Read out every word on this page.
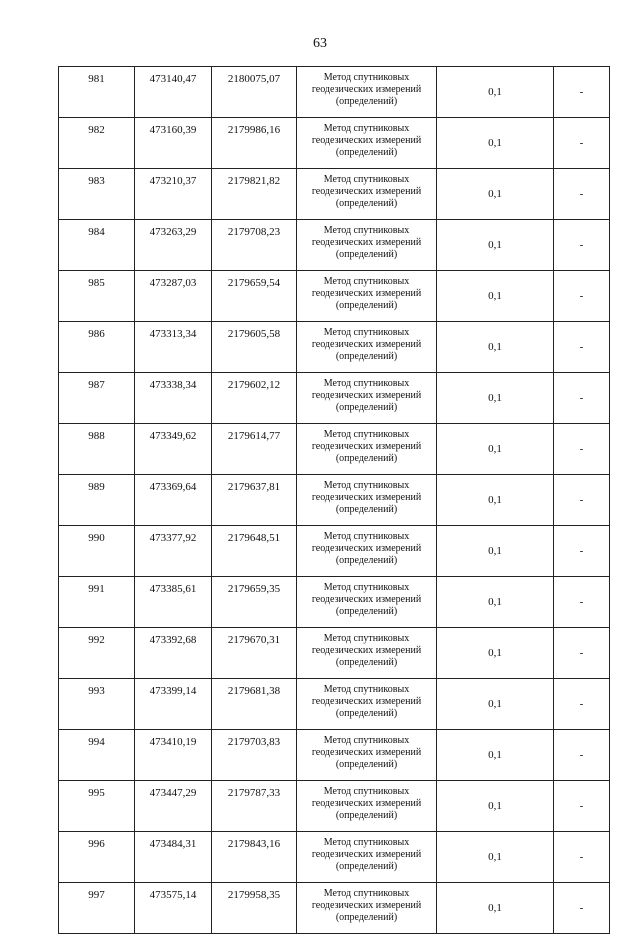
63
981	473140,47	2180075,07	Метод спутниковых
геодезических измерений
(определений)	0,1	-
982	473160,39	2179986,16	Метод спутниковых
геодезических измерений
(определений)	0,1	-
983	473210,37	2179821,82	Метод спутниковых
геодезических измерений
(определений)	0,1	-
984	473263,29	2179708,23	Метод спутниковых
геодезических измерений
(определений)	0,1	-
985	473287,03	2179659,54	Метод спутниковых
геодезических измерений
(определений)	0,1	-
986	473313,34	2179605,58	Метод спутниковых
геодезических измерений
(определений)	0,1	-
987	473338,34	2179602,12	Метод спутниковых
геодезических измерений
(определений)	0,1	-
988	473349,62	2179614,77	Метод спутниковых
геодезических измерений
(определений)	0,1	-
989	473369,64	2179637,81	Метод спутниковых
геодезических измерений
(определений)	0,1	-
990	473377,92	2179648,51	Метод спутниковых
геодезических измерений
(определений)	0,1	-
991	473385,61	2179659,35	Метод спутниковых
геодезических измерений
(определений)	0,1	-
992	473392,68	2179670,31	Метод спутниковых
геодезических измерений
(определений)	0,1	-
993	473399,14	2179681,38	Метод спутниковых
геодезических измерений
(определений)	0,1	-
994	473410,19	2179703,83	Метод спутниковых
геодезических измерений
(определений)	0,1	-
995	473447,29	2179787,33	Метод спутниковых
геодезических измерений
(определений)	0,1	-
996	473484,31	2179843,16	Метод спутниковых
геодезических измерений
(определений)	0,1	-
997	473575,14	2179958,35	Метод спутниковых
геодезических измерений
(определений)	0,1	-
